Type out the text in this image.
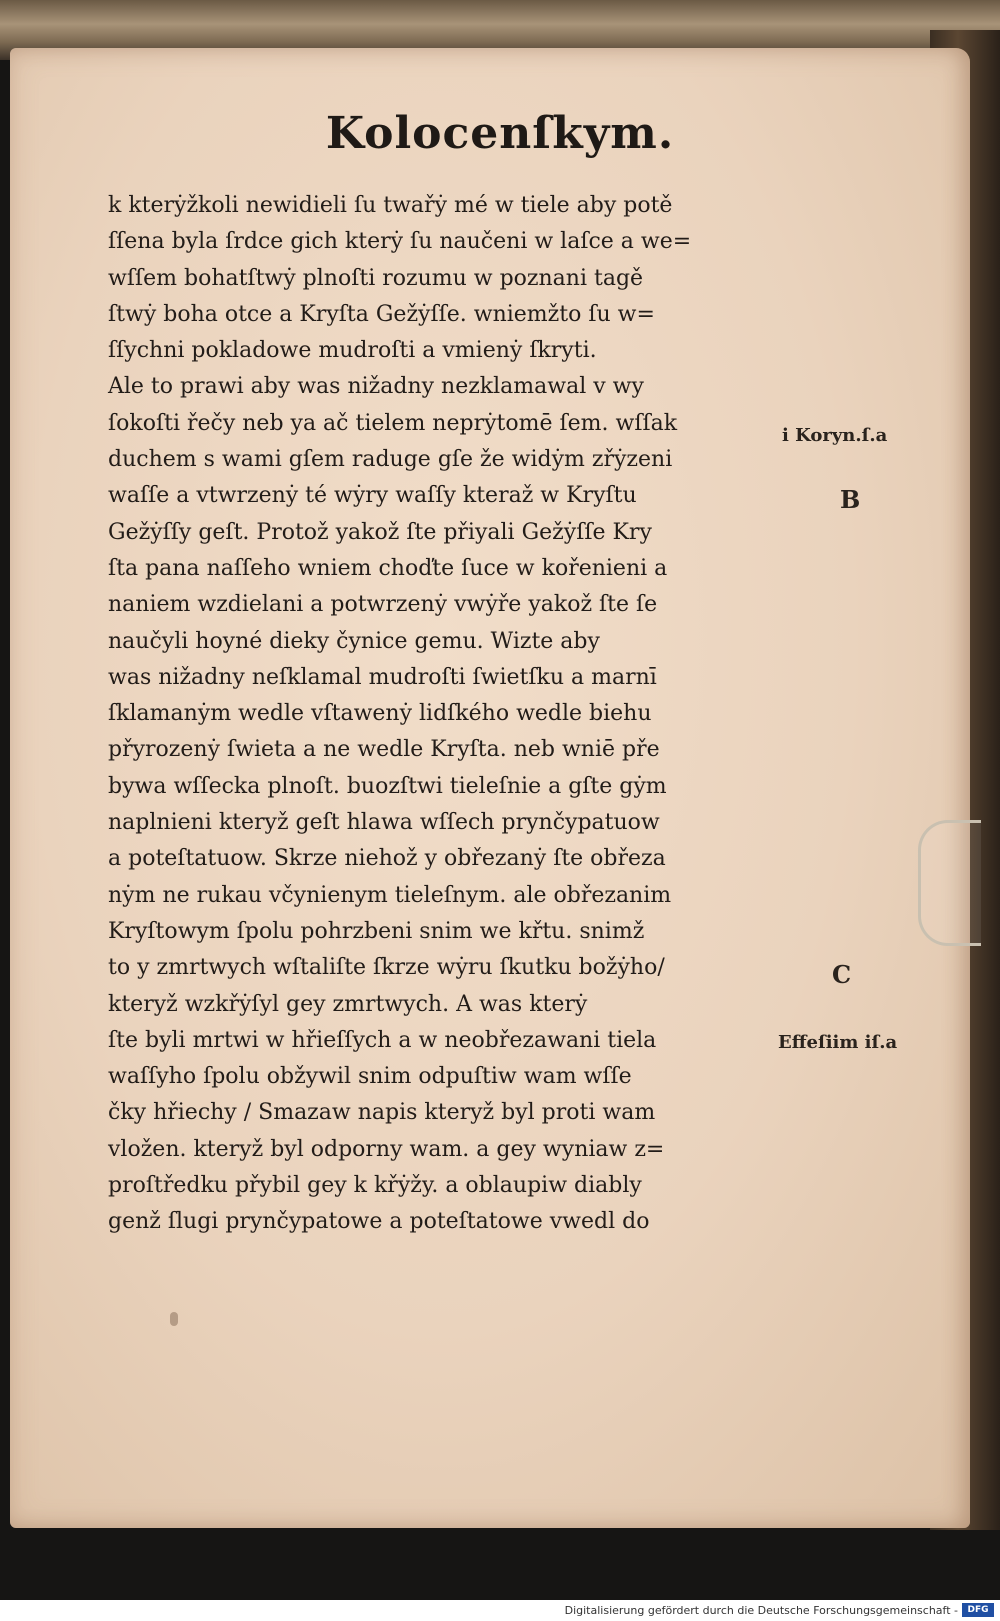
Kolocenſkym.
k kterẏžkoli newidieli ſu twařẏ mé w tiele aby potě
ſſena byla ſrdce gich kterẏ ſu naučeni w laſce a we=
wſſem bohatſtwẏ plnoſti rozumu w poznani tagě
ſtwẏ boha otce a Kryſta Gežẏſſe. wniemžto ſu w=
ſſychni pokladowe mudroſti a vmienẏ ſkryti.
Ale to prawi aby was nižadny nezklamawal v wy
ſokoſti řečy neb ya ač tielem neprẏtomē ſem. wſſak
duchem s wami gſem raduge gſe že widẏm zřẏzeni
waſſe a vtwrzenẏ té wẏry waſſy kteraž w Kryſtu
Gežẏſſy geſt. Protož yakož ſte přiyali Gežẏſſe Kry
ſta pana naſſeho wniem choďte ſuce w kořenieni a
naniem wzdielani a potwrzenẏ vwẏře yakož ſte ſe
naučyli hoyné dieky čynice gemu. Wizte aby
was nižadny neſklamal mudroſti ſwietſku a marnī
ſklamanẏm wedle vſtawenẏ lidſkého wedle biehu
přyrozenẏ ſwieta a ne wedle Kryſta. neb wniē pře
bywa wſſecka plnoſt. buozſtwi tieleſnie a gſte gẏm
naplnieni kteryž geſt hlawa wſſech prynčypatuow
a poteſtatuow. Skrze niehož y obřezanẏ ſte obřeza
nẏm ne rukau včynienym tieleſnym. ale obřezanim
Kryſtowym ſpolu pohrzbeni snim we křtu. snimž
to y zmrtwych wſtaliſte ſkrze wẏru ſkutku božẏho/
kteryž wzkřẏſyl gey zmrtwych. A was kterẏ
ſte byli mrtwi w hřieſſych a w neobřezawani tiela
waſſyho ſpolu obžywil snim odpuſtiw wam wſſe
čky hřiechy / Smazaw napis kteryž byl proti wam
vložen. kteryž byl odporny wam. a gey wyniaw z=
proſtředku přybil gey k křẏžy. a oblaupiw diably
genž ſlugi prynčypatowe a poteſtatowe vwedl do
i Koryn.ſ.a
B
C
Effeſiim iſ.a
Digitalisierung gefördert durch die Deutsche Forschungsgemeinschaft -	DFG
